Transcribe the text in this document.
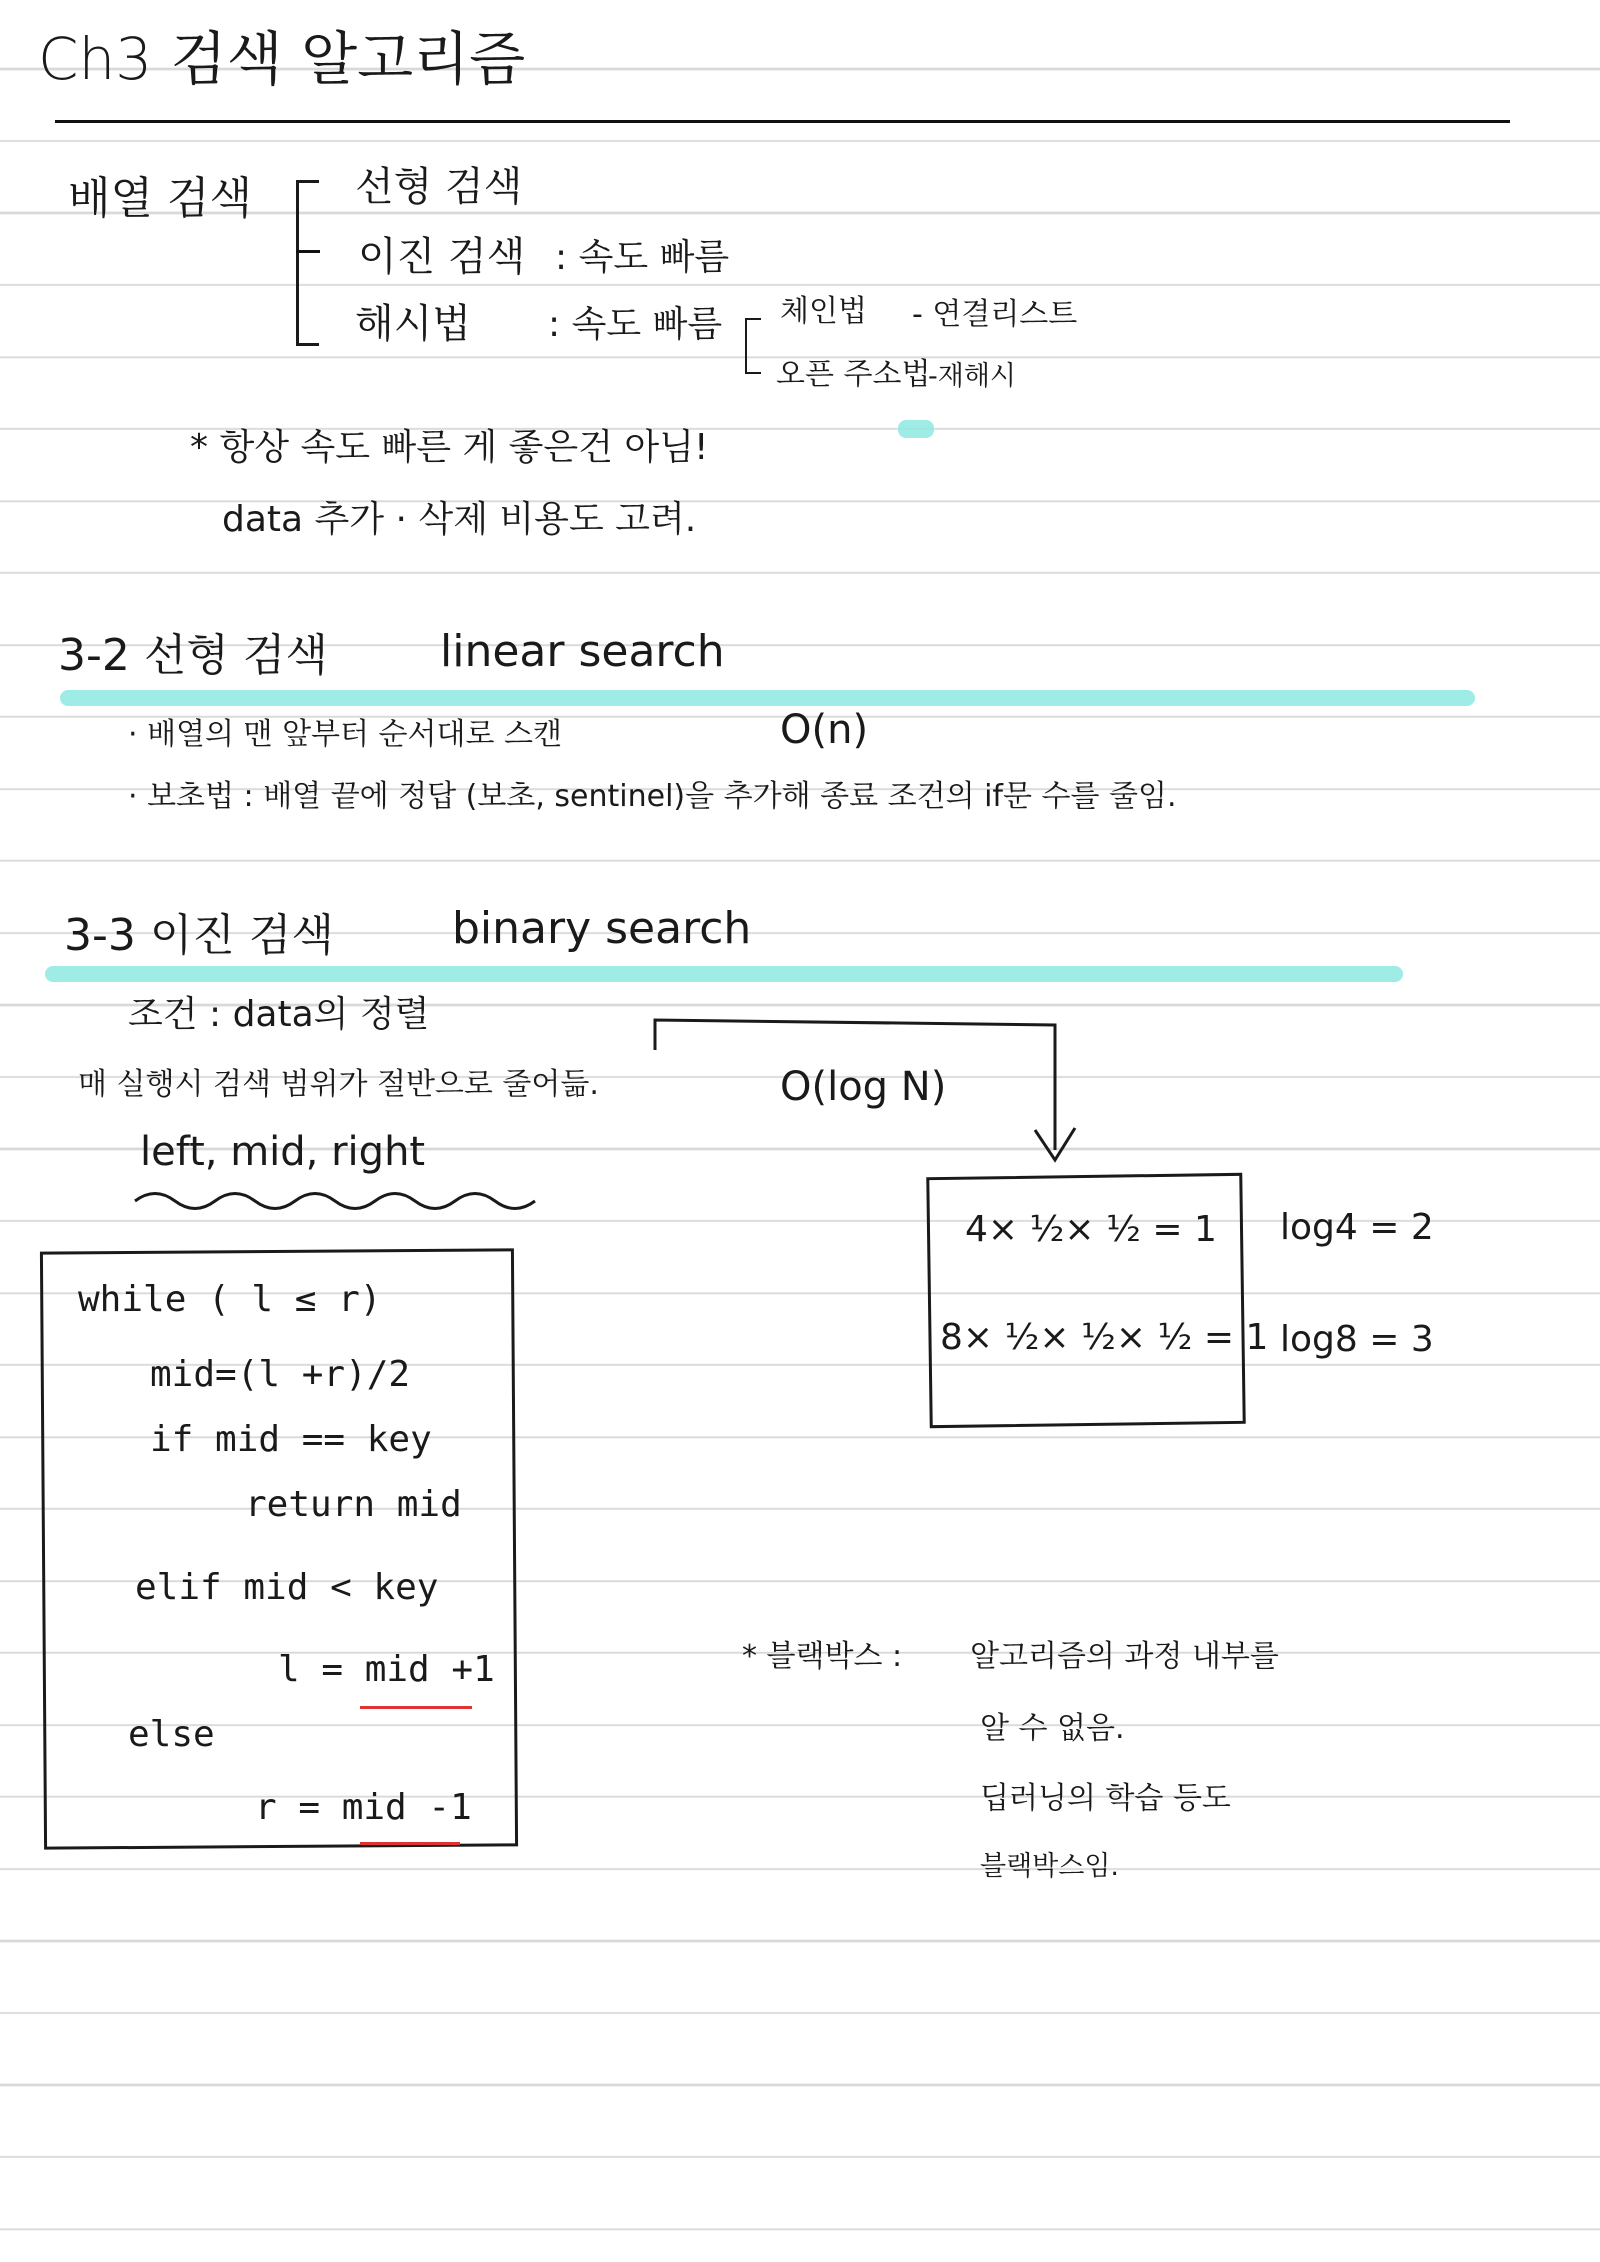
Ch3 검색 알고리즘
배열 검색	선형 검색
이진 검색 : 속도 빠름
해시법 : 속도 빠름 체인법 - 연결리스트
오픈 주소법
-재해시
* 항상 속도 빠른 게 좋은건 아님!
data 추가 · 삭제 비용도 고려.
3-2 선형 검색	linear search
· 배열의 맨 앞부터 순서대로 스캔	O(n)
· 보초법 : 배열 끝에 정답 (보초, sentinel)을 추가해 종료 조건의 if문 수를 줄임.
3-3 이진 검색	binary search
조건 : data의 정렬
매 실행시 검색 범위가 절반으로 줄어듦.	O(log N)
left, mid, right
while ( l ≤ r)
mid=(l +r)/2
if mid == key
return mid
elif mid < key
l = mid +1
else
r = mid -1
4× ½× ½ = 1
8× ½× ½× ½ = 1
log4 = 2
log8 = 3
* 블랙박스 : 알고리즘의 과정 내부를
알 수 없음.
딥러닝의 학습 등도
블랙박스임.
